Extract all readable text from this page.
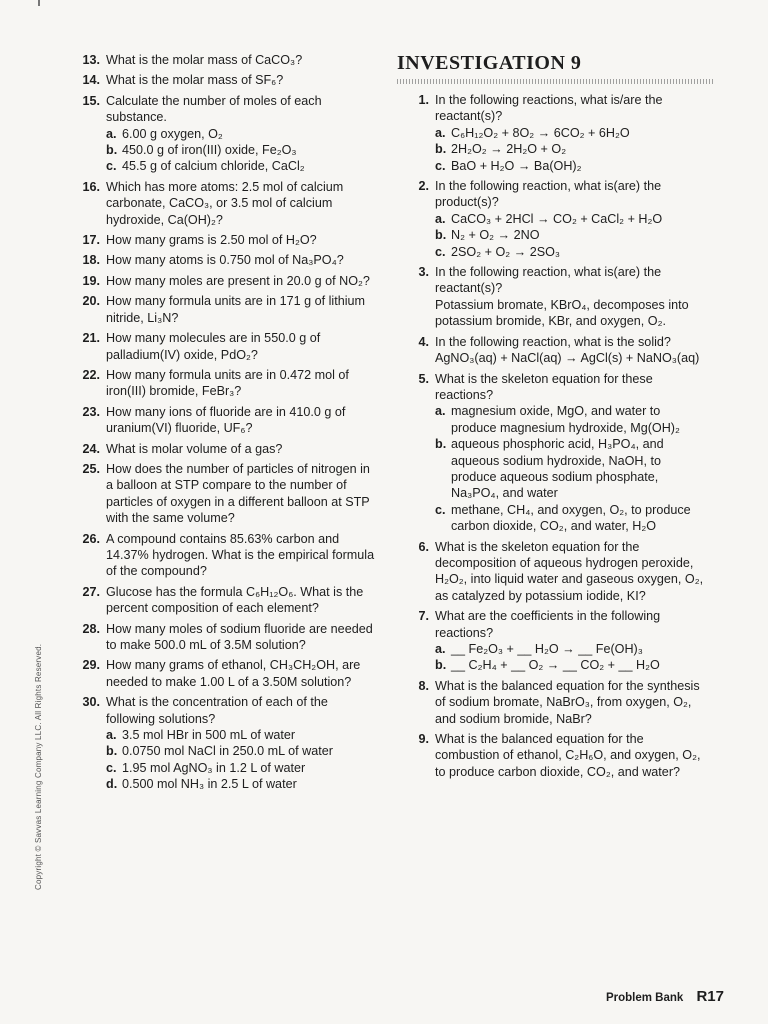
13. What is the molar mass of CaCO₃?
14. What is the molar mass of SF₆?
15. Calculate the number of moles of each substance.
a. 6.00 g oxygen, O₂
b. 450.0 g of iron(III) oxide, Fe₂O₃
c. 45.5 g of calcium chloride, CaCl₂
16. Which has more atoms: 2.5 mol of calcium carbonate, CaCO₃, or 3.5 mol of calcium hydroxide, Ca(OH)₂?
17. How many grams is 2.50 mol of H₂O?
18. How many atoms is 0.750 mol of Na₃PO₄?
19. How many moles are present in 20.0 g of NO₂?
20. How many formula units are in 171 g of lithium nitride, Li₃N?
21. How many molecules are in 550.0 g of palladium(IV) oxide, PdO₂?
22. How many formula units are in 0.472 mol of iron(III) bromide, FeBr₃?
23. How many ions of fluoride are in 410.0 g of uranium(VI) fluoride, UF₆?
24. What is molar volume of a gas?
25. How does the number of particles of nitrogen in a balloon at STP compare to the number of particles of oxygen in a different balloon at STP with the same volume?
26. A compound contains 85.63% carbon and 14.37% hydrogen. What is the empirical formula of the compound?
27. Glucose has the formula C₆H₁₂O₆. What is the percent composition of each element?
28. How many moles of sodium fluoride are needed to make 500.0 mL of 3.5M solution?
29. How many grams of ethanol, CH₃CH₂OH, are needed to make 1.00 L of a 3.50M solution?
30. What is the concentration of each of the following solutions?
a. 3.5 mol HBr in 500 mL of water
b. 0.0750 mol NaCl in 250.0 mL of water
c. 1.95 mol AgNO₃ in 1.2 L of water
d. 0.500 mol NH₃ in 2.5 L of water
INVESTIGATION 9
1. In the following reactions, what is/are the reactant(s)?
a. C₆H₁₂O₂ + 8O₂ → 6CO₂ + 6H₂O
b. 2H₂O₂ → 2H₂O + O₂
c. BaO + H₂O → Ba(OH)₂
2. In the following reaction, what is(are) the product(s)?
a. CaCO₃ + 2HCl → CO₂ + CaCl₂ + H₂O
b. N₂ + O₂ → 2NO
c. 2SO₂ + O₂ → 2SO₃
3. In the following reaction, what is(are) the reactant(s)?
Potassium bromate, KBrO₄, decomposes into potassium bromide, KBr, and oxygen, O₂.
4. In the following reaction, what is the solid?
AgNO₃(aq) + NaCl(aq) → AgCl(s) + NaNO₃(aq)
5. What is the skeleton equation for these reactions?
a. magnesium oxide, MgO, and water to produce magnesium hydroxide, Mg(OH)₂
b. aqueous phosphoric acid, H₃PO₄, and aqueous sodium hydroxide, NaOH, to produce aqueous sodium phosphate, Na₃PO₄, and water
c. methane, CH₄, and oxygen, O₂, to produce carbon dioxide, CO₂, and water, H₂O
6. What is the skeleton equation for the decomposition of aqueous hydrogen peroxide, H₂O₂, into liquid water and gaseous oxygen, O₂, as catalyzed by potassium iodide, KI?
7. What are the coefficients in the following reactions?
a. __ Fe₂O₃ + __ H₂O → __ Fe(OH)₃
b. __ C₂H₄ + __ O₂ → __ CO₂ + __ H₂O
8. What is the balanced equation for the synthesis of sodium bromate, NaBrO₃, from oxygen, O₂, and sodium bromide, NaBr?
9. What is the balanced equation for the combustion of ethanol, C₂H₆O, and oxygen, O₂, to produce carbon dioxide, CO₂, and water?
Copyright © Savvas Learning Company LLC. All Rights Reserved.
Problem Bank R17
